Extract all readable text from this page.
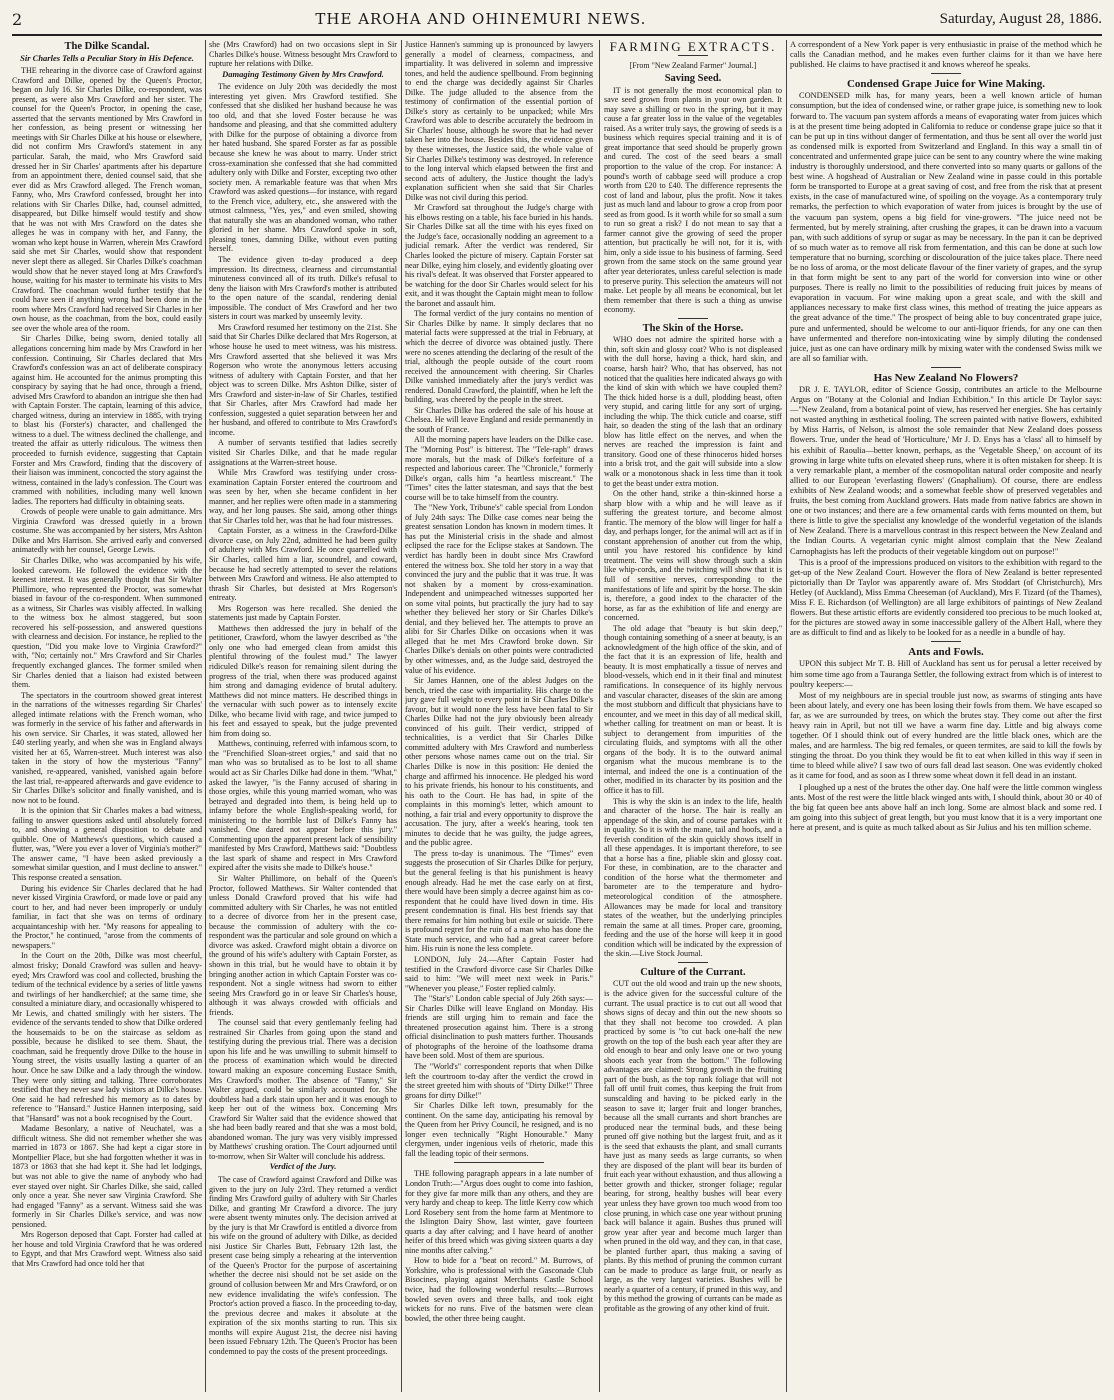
2	THE AROHA AND OHINEMURI NEWS.	Saturday, August 28, 1886.
The Dilke Scandal.
Sir Charles Tells a Peculiar Story in His Defence.

THE rehearing in the divorce case of Crawford against Crawford and Dilke, opened by the Queen's Proctor, began on July 16. Sir Charles Dilke, co-respondent, was present, as were also Mrs Crawford and her sister. The counsel for the Queen's Proctor, in opening the case, asserted that the servants mentioned by Mrs Crawford in her confession, as being present or witnessing her meetings with Sir Charles Dilke at his house or elsewhere, did not confirm Mrs Crawford's statement in any particular. Sarah, the maid, who Mrs Crawford said dressed her in Sir Charles' apartments after his departure from an appointment there, denied counsel said, that she ever did as Mrs Crawford alleged. The French woman, Fanny, who, Mrs Crawford confessed, brought her into relations with Sir Charles Dilke, had, counsel admitted, disappeared, but Dilke himself would testify and show that he was not with Mrs Crawford on the dates she alleges he was in company with her, and Fanny, the woman who kept house in Warren, wherein Mrs Crawford said she met Sir Charles, would show that respondent never slept there as alleged. Sir Charles Dilke's coachman would show that he never stayed long at Mrs Crawford's house, waiting for his master to terminate his visits to Mrs Crawford. The coachman would further testify that he could have seen if anything wrong had been done in the room where Mrs Crawford had received Sir Charles in her own house, as the coachman, from the box, could easily see over the whole area of the room.

Sir Charles Dilke, being sworn, denied totally all allegations concerning him made by Mrs Crawford in her confession. Continuing, Sir Charles declared that Mrs Crawford's confession was an act of deliberate conspiracy against him. He accounted for the animus prompting this conspiracy by saying that he had once, through a friend, advised Mrs Crawford to abandon an intrigue she then had with Captain Forster. The captain, learning of this advice, charged witness, during an interview in 1885, with trying to blast his (Forster's) character, and challenged the witness to a duel. The witness declined the challenge, and treated the affair as utterly ridiculous. The witness then proceeded to furnish evidence, suggesting that Captain Forster and Mrs Crawford, finding that the discovery of their liaison was imminent, concocted the story against the witness, contained in the lady's confession. The Court was crammed with nobilities, including many well known ladies. The reporters had difficulty in obtaining seats.

Crowds of people were unable to gain admittance. Mrs Virginia Crawford was dressed quietly in a brown costume. She was accompanied by her sisters, Mrs Ashton Dilke and Mrs Harrison. She arrived early and conversed animatedly with her counsel, George Lewis.

Sir Charles Dilke, who was accompanied by his wife, looked careworn. He followed the evidence with the keenest interest. It was generally thought that Sir Walter Phillimore, who represented the Proctor, was somewhat biased in favour of the co-respondent. When summoned as a witness, Sir Charles was visibly affected. In walking to the witness box he almost staggered, but soon recovered his self-possession, and answered questions with clearness and decision. For instance, he replied to the question, "Did you make love to Virginia Crawford?" with, "No; certainly not." Mrs Crawford and Sir Charles frequently exchanged glances. The former smiled when Sir Charles denied that a liaison had existed between them.

The spectators in the courtroom showed great interest in the narrations of the witnesses regarding Sir Charles' alleged intimate relations with the French woman, who was formerly in the service of his father and afterwards in his own service. Sir Charles, it was stated, allowed her £40 sterling yearly, and when she was in England always visited her at 65, Warren-street. Much interest was also taken in the story of how the mysterious "Fanny" vanished, re-appeared, vanished, vanished again before the last trial, re-appeared afterwards and gave evidence to Sir Charles Dilke's solicitor and finally vanished, and is now not to be found.

It is the opinion that Sir Charles makes a bad witness, failing to answer questions asked until absolutely forced to, and showing a general disposition to debate and quibble. One of Matthews's questions, which caused a flutter, was, "Were you ever a lover of Virginia's mother?" The answer came, "I have been asked previously a somewhat similar question, and I must decline to answer." This response created a sensation.

During his evidence Sir Charles declared that he had never kissed Virginia Crawford, or made love or paid any court to her, and had never been improperly or unduly familiar, in fact that she was on terms of ordinary acquaintanceship with her. "My reasons for appealing to the Proctor," he continued, "arose from the comments of newspapers."

In the Court on the 20th, Dilke was most cheerful, almost frisky; Donald Crawford was sullen and heavy-eyed; Mrs Crawford was cool and collected, brushing the tedium of the technical evidence by a series of little yawns and twirlings of her handkerchief; at the same time, she consulted a miniature diary, and occasionally whispered to Mr Lewis, and chatted smilingly with her sisters. The evidence of the servants tended to show that Dilke ordered the housemaids to be on the staircase as seldom as possible, because he disliked to see them. Shaut, the coachman, said he frequently drove Dilke to the house in Young street, the visits usually lasting a quarter of an hour. Once he saw Dilke and a lady through the window. They were only sitting and talking. Three corroborates testified that they never saw lady visitors at Dilke's house. One said he had refreshed his memory as to dates by reference to "Hansard." Justice Hannen interposing, said that "Hansard" was not a book recognised by the Court.

Madame Besonlary, a native of Neuchatel, was a difficult witness. She did not remember whether she was married in 1873 or 1867. She had kept a cigar store in Montpellier Place, but she had forgotten whether it was in 1873 or 1863 that she had kept it. She had let lodgings, but was not able to give the name of anybody who had ever stayed over night. Sir Charles Dilke, she said, called only once a year. She never saw Virginia Crawford. She had engaged "Fanny" as a servant. Witness said she was formerly in Sir Charles Dilke's service, and was now pensioned.

Mrs Rogerson deposed that Capt. Forster had called at her house and told Virginia Crawford that he was ordered to Egypt, and that Mrs Crawford wept. Witness also said that Mrs Crawford had once told her that

she (Mrs Crawford) had on two occasions slept in Sir Charles Dilke's house. Witness besought Mrs Crawford to rupture her relations with Dilke.

Damaging Testimony Given by Mrs Crawford.

The evidence on July 20th was decidedly the most interesting yet given. Mrs Crawford testified. She confessed that she disliked her husband because he was too old, and that she loved Foster because he was handsome and pleasing, and that she committed adultery with Dilke for the purpose of obtaining a divorce from her hated husband. She spared Forster as far as possible because she knew he was about to marry. Under strict cross-examination she confessed that she had committed adultery only with Dilke and Forster, excepting two other society men. A remarkable feature was that when Mrs Crawford was asked questions—for instance, with regard to the French vice, adultery, etc., she answered with the utmost calmness, "Yes, yes," and even smiled, showing that naturally she was an abandoned woman, who rather gloried in her shame. Mrs Crawford spoke in soft, pleasing tones, damning Dilke, without even putting herself.

The evidence given to-day produced a deep impression. Its directness, clearness and circumstantial minuteness convinced all of its truth. Dilke's refusal to deny the liaison with Mrs Crawford's mother is attributed to the open nature of the scandal, rendering denial impossible. The conduct of Mrs Crawford and her two sisters in court was marked by unseemly levity.

Mrs Crawford resumed her testimony on the 21st. She said that Sir Charles Dilke declared that Mrs Rogerson, at whose house he used to meet witness, was his mistress. Mrs Crawford asserted that she believed it was Mrs Rogerson who wrote the anonymous letters accusing witness of adultery with Captain Forster, and that her object was to screen Dilke. Mrs Ashton Dilke, sister of Mrs Crawford and sister-in-law of Sir Charles, testified that Sir Charles, after Mrs Crawford had made her confession, suggested a quiet separation between her and her husband, and offered to contribute to Mrs Crawford's income.

A number of servants testified that ladies secretly visited Sir Charles Dilke, and that he made regular assignations at the Warren-street house.

While Mrs Crawford was testifying under cross-examination Captain Forster entered the courtroom and was seen by her, when she became confident in her manner, and her replies were often made in a stammering way, and her long pauses. She said, among other things that Sir Charles told her, was that he had four mistresses.

Captain Forster, as a witness in the Crawford-Dilke divorce case, on July 22nd, admitted he had been guilty of adultery with Mrs Crawford. He once quarrelled with Sir Charles, called him a liar, scoundrel, and coward, because he had secretly attempted to sever the relations between Mrs Crawford and witness. He also attempted to thrash Sir Charles, but desisted at Mrs Rogerson's entreaty.

Mrs Rogerson was here recalled. She denied the statements just made by Captain Forster.

Matthews then addressed the jury in behalf of the petitioner, Crawford, whom the lawyer described as "the only one who had emerged clean from amidst this plentiful throwing of the foulest mud." The lawyer ridiculed Dilke's reason for remaining silent during the progress of the trial, when there was produced against him strong and damaging evidence of brutal adultery. Matthews did not mince matters. He described things in the vernacular with such power as to intensely excite Dilke, who became livid with rage, and twice jumped to his feet and essayed to speak, but the judge prevented him from doing so.

Matthews, continuing, referred with infamous scorn, to the "Frenchified Sloan-street orgies," and said that no man who was so brutalised as to be lost to all shame would act as Sir Charles Dilke had done in them. "What," asked the lawyer, "is the Fanny accused of sharing in those orgies, while this young married woman, who was betrayed and degraded into them, is being held up to infamy before the whole English-speaking world, for ministering to the horrible lust of Dilke's Fanny has vanished. One dared not appear before this jury." Commenting upon the apparent present lack of sensibility manifested by Mrs Crawford, Matthews said: "Doubtless the last spark of shame and respect in Mrs Crawford expired after the visits she made to Dilke's house."

Sir Walter Phillimore, on behalf of the Queen's Proctor, followed Matthews. Sir Walter contended that unless Donald Crawford proved that his wife had committed adultery with Sir Charles, he was not entitled to a decree of divorce from her in the present case, because the commission of adultery with the co-respondent was the particular and sole ground on which a divorce was asked. Crawford might obtain a divorce on the ground of his wife's adultery with Captain Forster, as shown in this trial, but he would have to obtain it by bringing another action in which Captain Forster was co-respondent. Not a single witness had sworn to either seeing Mrs Crawford go in or leave Sir Charles's house, although it was always crowded with officials and friends.

The counsel said that every gentlemanly feeling had restrained Sir Charles from going upon the stand and testifying during the previous trial. There was a decision upon his life and he was unwilling to submit himself to the process of examination which would be directed toward making an exposure concerning Eustace Smith, Mrs Crawford's mother. The absence of "Fanny," Sir Walter argued, could be similarly accounted for. She doubtless had a dark stain upon her and it was enough to keep her out of the witness box. Concerning Mrs Crawford Sir Walter said that the evidence showed that she had been badly reared and that she was a most bold, abandoned woman. The jury was very visibly impressed by Matthews' crushing oration. The Court adjourned until to-morrow, when Sir Walter will conclude his address.

Verdict of the Jury.

The case of Crawford against Crawford and Dilke was given to the jury on July 23rd. They returned a verdict finding Mrs Crawford guilty of adultery with Sir Charles Dilke, and granting Mr Crawford a divorce. The jury were absent twenty minutes only. The decision arrived at by the jury is that Mr Crawford is entitled a divorce from his wife on the ground of adultery with Dilke, as decided nisi Justice Sir Charles Butt, February 12th last, the present case being simply a rehearing at the intervention of the Queen's Proctor for the purpose of ascertaining whether the decree nisi should not be set aside on the ground of collusion between Mr and Mrs Crawford, or on new evidence invalidating the wife's confession. The Proctor's action proved a fiasco. In the proceeding to-day, the previous decree and makes it absolute at the expiration of the six months starting to run. This six months will expire August 21st, the decree nisi having been issued February 12th. The Queen's Proctor has been condemned to pay the costs of the present proceedings.

Justice Hannen's summing up is pronounced by lawyers generally a model of clearness, compactness, and impartiality. It was delivered in solemn and impressive tones, and held the audience spellbound. From beginning to end the charge was decidedly against Sir Charles Dilke. The judge alluded to the absence from the testimony of confirmation of the essential portion of Dilke's story as certainly to be unpacked; while Mrs Crawford was able to describe accurately the bedroom in Sir Charles' house, although he swore that he had never taken her into the house. Besides this, the evidence given by these witnesses, the Justice said, the whole value of Sir Charles Dilke's testimony was destroyed. In reference to the long interval which elapsed between the first and second acts of adultery, the Justice thought the lady's explanation sufficient when she said that Sir Charles Dilke was not civil during this period.

Mr Crawford sat throughout the Judge's charge with his elbows resting on a table, his face buried in his hands. Sir Charles Dilke sat all the time with his eyes fixed on the Judge's face, occasionally nodding an agreement to a judicial remark. After the verdict was rendered, Sir Charles looked the picture of misery. Captain Forster sat near Dilke, eying him closely, and evidently gloating over his rival's defeat. It was observed that Forster appeared to be watching for the door Sir Charles would select for his exit, and it was thought the Captain might mean to follow the baronet and assault him.

The formal verdict of the jury contains no mention of Sir Charles Dilke by name. It simply declares that no material facts were suppressed at the trial in February, at which the decree of divorce was obtained justly. There were no scenes attending the declaring of the result of the trial, although the people outside of the court room received the announcement with cheering. Sir Charles Dilke vanished immediately after the jury's verdict was rendered. Donald Crawford, the plaintiff, when he left the building, was cheered by the people in the street.

Sir Charles Dilke has ordered the sale of his house at Chelsea. He will leave England and reside permanently in the south of France.

All the morning papers have leaders on the Dilke case. The "Morning Post" is bitterest. The "Tele-raph" draws more morals, but the mask of Dilke's forfeiture of a respected and laborious career. The "Chronicle," formerly Dilke's organ, calls him "a heartless miscreant." The "Times" cites the latter statesman, and says that the best course will be to take himself from the country.

The "New York, Tribune's" cable special from London of July 24th says: The Dilke case comes near being the greatest sensation London has known in modern times. It has put the Ministerial crisis in the shade and almost eclipsed the race for the Eclipse stakes at Sandown. The verdict has hardly been in doubt since Mrs Crawford entered the witness box. She told her story in a way that convinced the jury and the public that it was true. It was not shaken by a moment by cross-examination. Independent and unimpeached witnesses supported her on some vital points, but practically the jury had to say whether they believed her story or Sir Charles Dilke's denial, and they believed her. The attempts to prove an alibi for Sir Charles Dilke on occasions when it was alleged that he met Mrs Crawford broke down. Sir Charles Dilke's denials on other points were contradicted by other witnesses, and, as the Judge said, destroyed the value of his evidence.

Sir James Hannen, one of the ablest Judges on the bench, tried the case with impartiality. His charge to the jury gave full weight to every point in Sir Charles Dilke's favour, but it would none the less have been fatal to Sir Charles Dilke had not the jury obviously been already convinced of his guilt. Their verdict, stripped of technicalities, is a verdict that Sir Charles Dilke committed adultery with Mrs Crawford and numberless other persons whose names came out on the trial. Sir Charles Dilke is now in this position: He denied the charge and affirmed his innocence. He pledged his word to his private friends, his honour to his constituents, and his oath to the Court. He has had, in spite of the complaints in this morning's letter, which amount to nothing, a fair trial and every opportunity to disprove the accusation. The jury, after a week's hearing, took ten minutes to decide that he was guilty, the judge agrees, and the public agree.

The press to-day is unanimous. The "Times" even suggests the prosecution of Sir Charles Dilke for perjury, but the general feeling is that his punishment is heavy enough already. Had he met the case early on at first, there would have been simply a decree against him as co-respondent that he could have lived down in time. His present condemnation is final. His best friends say that there remains for him nothing but exile or suicide. There is profound regret for the ruin of a man who has done the State much service, and who had a great career before him. His ruin is none the less complete.

LONDON, July 24.—After Captain Foster had testified in the Crawford divorce case Sir Charles Dilke said to him: "We will meet next week in Paris." "Whenever you please," Foster replied calmly.

The "Star's" London cable special of July 26th says:—Sir Charles Dilke will leave England on Monday. His friends are still urging him to remain and face the threatened prosecution against him. There is a strong official disinclination to push matters further. Thousands of photographs of the heroine of the loathsome drama have been sold. Most of them are spurious.

The "World's" correspondent reports that when Dilke left the courtroom to-day after the verdict the crowd in the street greeted him with shouts of "Dirty Dilke!" Three groans for dirty Dilke!"

Sir Charles Dilke left town, presumably for the continent. On the same day, anticipating his removal by the Queen from her Privy Council, he resigned, and is no longer even technically "Right Honourable." Many clergymen, under ingenious veils of rhetoric, made this fall the leading topic of their sermons.

THE following paragraph appears in a late number of London Truth:—"Argus does ought to come into fashion, for they give far more milk than any others, and they are very hardy and cheap to keep. The little Kerry cow which Lord Rosebery sent from the home farm at Mentmore to the Islington Dairy Show, last winter, gave fourteen quarts a day after calving; and I have heard of another heifer of this breed which was giving sixteen quarts a day nine months after calving."

How to bide for a "beat on record." M. Burrows, of Yorkshire, who is professional with the Gasconade Club Bisocines, playing against Merchants Castle School twice, had the following wonderful results:—Burrows bowled seven overs and three balls, and took eight wickets for no runs. Five of the batsmen were clean bowled, the other three being caught.

FARMING EXTRACTS.
[From "New Zealand Farmer" Journal.]
Saving Seed.

IT is not generally the most economical plan to save seed grown from plants in your own garden. It may save a shilling or two in the spring, but it may cause a far greater loss in the value of the vegetables raised. As a writer truly says, the growing of seeds is a business which requires special training and it is of great importance that seed should be properly grown and cured. The cost of the seed bears a small proportion to the value of the crop. For instance: A pound's worth of cabbage seed will produce a crop worth from £20 to £40. The difference represents the cost of land and labour, plus the profit. Now it takes just as much land and labour to grow a crop from poor seed as from good. Is it worth while for so small a sum to run so great a risk? I do not mean to say that a farmer cannot give the growing of seed the proper attention, but practically he will not, for it is, with him, only a side issue to his business of farming. Seed grown from the same stock on the same ground year after year deteriorates, unless careful selection is made to preserve purity. This selection the amateurs will not make. Let people by all means be economical, but let them remember that there is such a thing as unwise economy.

The Skin of the Horse.

WHO does not admire the spirited horse with a thin, soft skin and glossy coat? Who is not displeased with the dull horse, having a thick, hard skin, and coarse, harsh hair? Who, that has observed, has not noticed that the qualities here indicated always go with the kind of skin with which we have coupled them? The thick hided horse is a dull, plodding beast, often very stupid, and caring little for any sort of urging, including the whip. The thick cuticle and coarse, stiff hair, so deaden the sting of the lash that an ordinary blow has little effect on the nerves, and when the nerves are reached the impression is faint and transitory. Good one of these rhinoceros hided horses into a brisk trot, and the gait will subside into a slow walk or a monotonous shack in less time than it took to get the beast under extra motion.

On the other hand, strike a thin-skinned horse a sharp blow with a whip and he will leave as if suffering the greatest torture, and become almost frantic. The memory of the blow will linger for half a day, and perhaps longer, for the animal will act as if in constant apprehension of another cut from the whip, until you have restored his confidence by kind treatment. The veins will show through such a skin like whip-cords, and the twitching will show that it is full of sensitive nerves, corresponding to the manifestations of life and spirit by the horse. The skin is, therefore, a good index to the character of the horse, as far as the exhibition of life and energy are concerned.

The old adage that "beauty is but skin deep," though containing something of a sneer at beauty, is an acknowledgment of the high office of the skin, and of the fact that it is an expression of life, health and beauty. It is most emphatically a tissue of nerves and blood-vessels, which end in it their final and minutest ramifications. In consequence of its highly nervous and vascular character, diseases of the skin are among the most stubborn and difficult that physicians have to encounter, and we meet in this day of all medical skill, whether calling for treatment on man or beast. It is subject to derangement from impurities of the circulating fluids, and symptoms with all the other organs of the body. It is to the outward animal organism what the mucous membrane is to the internal, and indeed the one is a continuation of the other, modified in its character by its position and the office it has to fill.

This is why the skin is an index to the life, health and character of the horse. The hair is really an appendage of the skin, and of course partakes with it in quality. So it is with the mane, tail and hoofs, and a feverish condition of the skin quickly shows itself in all these appendages. It is important therefore, to see that a horse has a fine, pliable skin and glossy coat. For these, in combination, are to the character and condition of the horse what the thermometer and barometer are to the temperature and hydro-meteorological condition of the atmosphere. Allowances may be made for local and transitory states of the weather, but the underlying principles remain the same at all times. Proper care, grooming, feeding and the use of the horse will keep it in good condition which will be indicated by the expression of the skin.—Live Stock Journal.

Culture of the Currant.

CUT out the old wood and train up the new shoots, is the advice given for the successful culture of the currant. The usual practice is to cut out all wood that shows signs of decay and thin out the new shoots so that they shall not become too crowded. A plan practiced by some is "to cut back one-half the new growth on the top of the bush each year after they are old enough to bear and only leave one or two young shoots each year from the bottom." The following advantages are claimed: Strong growth in the fruiting part of the bush, as the top rank foliage that will not fall off until fruit comes, thus keeping the fruit from sunscalding and having to be picked early in the season to save it; larger fruit and longer branches, because all the small currants and short branches are produced near the terminal buds, and these being pruned off give nothing but the largest fruit, and as it is the seed that exhausts the plant, and small currants have just as many seeds as large currants, so when they are disposed of the plant will bear its burden of fruit each year without exhaustion, and thus allowing a better growth and thicker, stronger foliage; regular bearing, for strong, healthy bushes will bear every year unless they have grown too much wood from too close pruning, in which case one year without pruning back will balance it again. Bushes thus pruned will grow year after year and become much larger than when pruned in the old way, and they can, in that case, be planted further apart, thus making a saving of plants. By this method of pruning the common currant can be made to produce as large fruit, or nearly as large, as the very largest varieties. Bushes will be nearly a quarter of a century, if pruned in this way, and by this method the growing of currants can be made as profitable as the growing of any other kind of fruit.

A correspondent of a New York paper is very enthusiastic in praise of the method which he calls the Canadian method, and he makes even further claims for it than we have here published. He claims to have practised it and knows whereof he speaks.

Condensed Grape Juice for Wine Making.

CONDENSED milk has, for many years, been a well known article of human consumption, but the idea of condensed wine, or rather grape juice, is something new to look forward to. The vacuum pan system affords a means of evaporating water from juices which is at the present time being adopted in California to reduce or condense grape juice so that it can be put up in tins without danger of fermentation, and thus be sent all over the world just as condensed milk is exported from Switzerland and England. In this way a small tin of concentrated and unfermented grape juice can be sent to any country where the wine making industry is thoroughly understood, and there converted into so many quarts or gallons of the best wine. A hogshead of Australian or New Zealand wine in passe could in this portable form be transported to Europe at a great saving of cost, and free from the risk that at present exists, in the case of manufactured wine, of spoiling on the voyage. As a contemporary truly remarks, the perfection to which evaporation of water from juices is brought by the use of the vacuum pan system, opens a big field for vine-growers. "The juice need not be fermented, but by merely straining, after crushing the grapes, it can be drawn into a vacuum pan, with such additions of syrup or sugar as may be necessary. In the pan it can be deprived of so much water as to remove all risk from fermentation, and this can be done at such low temperature that no burning, scorching or discolouration of the juice takes place. There need be no loss of aroma, or the most delicate flavour of the finer variety of grapes, and the syrup in that form might be sent to any part of the world for conversion into wine or other purposes. There is really no limit to the possibilities of reducing fruit juices by means of evaporation in vacuum. For wine making upon a great scale, and with the skill and appliances necessary to make first class wines, this method of treating the juice appears as the great advance of the time." The prospect of being able to buy concentrated grape juice, pure and unfermented, should be welcome to our anti-liquor friends, for any one can then have unfermented and therefore non-intoxicating wine by simply diluting the condensed juice, just as one can have ordinary milk by mixing water with the condensed Swiss milk we are all so familiar with.

Has New Zealand No Flowers?

DR J. E. TAYLOR, editor of Science Gossip, contributes an article to the Melbourne Argus on "Botany at the Colonial and Indian Exhibition." In this article Dr Taylor says:—"New Zealand, from a botanical point of view, has reserved her energies. She has certainly not wasted anything in æsthetical fooling. The screen painted with native flowers, exhibited by Miss Harris, of Nelson, is almost the sole remainder that New Zealand does possess flowers. True, under the head of 'Horticulture,' Mr J. D. Enys has a 'class' all to himself by his exhibit of Raoulia—better known, perhaps, as the 'Vegetable Sheep,' on account of its growing in large white tufts on elevated sheep runs, where it is often mistaken for sheep. It is a very remarkable plant, a member of the cosmopolitan natural order composite and nearly allied to our European 'everlasting flowers' (Gnaphalium). Of course, there are endless exhibits of New Zealand woods; and a somewhat feeble show of preserved vegetables and fruits, the best coming from Auckland growers. Hats made from native fabrics are shown in one or two instances; and there are a few ornamental cards with ferns mounted on them, but there is little to give the specialist any knowledge of the wonderful vegetation of the islands of New Zealand. There is a marvellous contrast in this respect between the New Zealand and the Indian Courts. A vegetarian cynic might almost complain that the New Zealand Carnophagists has left the products of their vegetable kingdom out on purpose!"

This is a proof of the impressions produced on visitors to the exhibition with regard to the get-up of the New Zealand Court. However the flora of New Zealand is better represented pictorially than Dr Taylor was apparently aware of. Mrs Stoddart (of Christchurch), Mrs Hetley (of Auckland), Miss Emma Cheeseman (of Auckland), Mrs F. Tizard (of the Thames), Miss F. E. Richardson (of Wellington) are all large exhibitors of paintings of New Zealand flowers. But these artistic efforts are evidently considered too precious to be much looked at, for the pictures are stowed away in some inaccessible gallery of the Albert Hall, where they are as difficult to find and as likely to be looked for as a needle in a bundle of hay.

Ants and Fowls.

UPON this subject Mr T. B. Hill of Auckland has sent us for perusal a letter received by him some time ago from a Tauranga Settler, the following extract from which is of interest to poultry keepers:—

Most of my neighbours are in special trouble just now, as swarms of stinging ants have been about lately, and every one has been losing their fowls from them. We have escaped so far, as we are surrounded by trees, on which the brutes stay. They come out after the first heavy rain in April, but not till we have a warm fine day. Little and big always come together. Of I should think out of every hundred are the little black ones, which are the males, and are harmless. The big red females, or queen termites, are said to kill the fowls by stinging the throat. Do you think they would be fit to eat when killed in this way if seen in time to bleed while alive? I saw two of ours fall dead last season. One was evidently choked as it came for food, and as soon as I threw some wheat down it fell dead in an instant.

I ploughed up a nest of the brutes the other day. One half were the little common wingless ants. Most of the rest were the little black winged ants with, I should think, about 30 or 40 of the big fat queen bee ants above half an inch long. Some are almost black and some red. I am going into this subject of great length, but you must know that it is a very important one here at present, and is quite as much talked about as Sir Julius and his ten million scheme.
